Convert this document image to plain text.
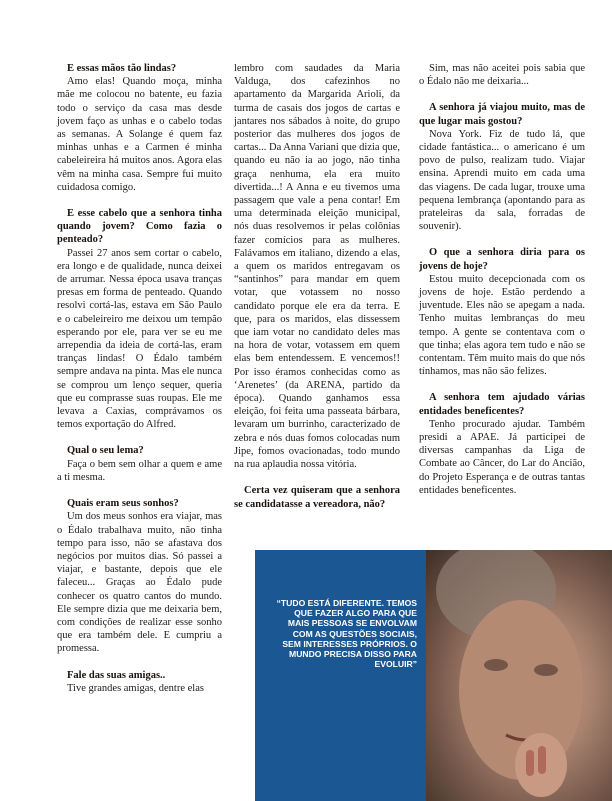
E essas mãos tão lindas?

Amo elas! Quando moça, minha mãe me colocou no batente, eu fazia todo o serviço da casa mas desde jovem faço as unhas e o cabelo todas as semanas. A Solange é quem faz minhas unhas e a Carmen é minha cabeleireira há muitos anos. Agora elas vêm na minha casa. Sempre fui muito cuidadosa comigo.

E esse cabelo que a senhora tinha quando jovem? Como fazia o penteado?

Passei 27 anos sem cortar o cabelo, era longo e de qualidade, nunca deixei de arrumar. Nessa época usava tranças presas em forma de penteado. Quando resolvi cortá-las, estava em São Paulo e o cabeleireiro me deixou um tempão esperando por ele, para ver se eu me arrependia da ideia de cortá-las, eram tranças lindas! O Édalo também sempre andava na pinta. Mas ele nunca se comprou um lenço sequer, queria que eu comprasse suas roupas. Ele me levava a Caxias, comprávamos os temos exportação do Alfred.

Qual o seu lema?

Faça o bem sem olhar a quem e ame a ti mesma.

Quais eram seus sonhos?

Um dos meus sonhos era viajar, mas o Édalo trabalhava muito, não tinha tempo para isso, não se afastava dos negócios por muitos dias. Só passei a viajar, e bastante, depois que ele faleceu... Graças ao Édalo pude conhecer os quatro cantos do mundo. Ele sempre dizia que me deixaria bem, com condições de realizar esse sonho que era também dele. E cumpriu a promessa.

Fale das suas amigas..

Tive grandes amigas, dentre elas

lembro com saudades da Maria Valduga, dos cafezinhos no apartamento da Margarida Arioli, da turma de casais dos jogos de cartas e jantares nos sábados à noite, do grupo posterior das mulheres dos jogos de cartas... Da Anna Variani que dizia que, quando eu não ia ao jogo, não tinha graça nenhuma, ela era muito divertida...! A Anna e eu tivemos uma passagem que vale a pena contar! Em uma determinada eleição municipal, nós duas resolvemos ir pelas colônias fazer comícios para as mulheres. Falávamos em italiano, dizendo a elas, a quem os maridos entregavam os “santinhos” para mandar em quem votar, que votassem no nosso candidato porque ele era da terra. E que, para os maridos, elas dissessem que iam votar no candidato deles mas na hora de votar, votassem em quem elas bem entendessem. E vencemos!! Por isso éramos conhecidas como as ‘Arenetes’ (da ARENA, partido da época). Quando ganhamos essa eleição, foi feita uma passeata bárbara, levaram um burrinho, caracterizado de zebra e nós duas fomos colocadas num Jipe, fomos ovacionadas, todo mundo na rua aplaudia nossa vitória.

Certa vez quiseram que a senhora se candidatasse a vereadora, não?

Sim, mas não aceitei pois sabia que o Édalo não me deixaria...

A senhora já viajou muito, mas de que lugar mais gostou?

Nova York. Fiz de tudo lá, que cidade fantástica... o americano é um povo de pulso, realizam tudo. Viajar ensina. Aprendi muito em cada uma das viagens. De cada lugar, trouxe uma pequena lembrança (apontando para as prateleiras da sala, forradas de souvenir).

O que a senhora diria para os jovens de hoje?

Estou muito decepcionada com os jovens de hoje. Estão perdendo a juventude. Eles não se apegam a nada. Tenho muitas lembranças do meu tempo. A gente se contentava com o que tinha; elas agora tem tudo e não se contentam. Têm muito mais do que nós tínhamos, mas não são felizes.

A senhora tem ajudado várias entidades beneficentes?

Tenho procurado ajudar. Também presidi a APAE. Já participei de diversas campanhas da Liga de Combate ao Câncer, do Lar do Ancião, do Projeto Esperança e de outras tantas entidades beneficentes.

“TUDO ESTÁ DIFERENTE. TEMOS QUE FAZER ALGO PARA QUE MAIS PESSOAS SE ENVOLVAM COM AS QUESTÕES SOCIAIS, SEM INTERESSES PRÓPRIOS. O MUNDO PRECISA DISSO PARA EVOLUIR”
